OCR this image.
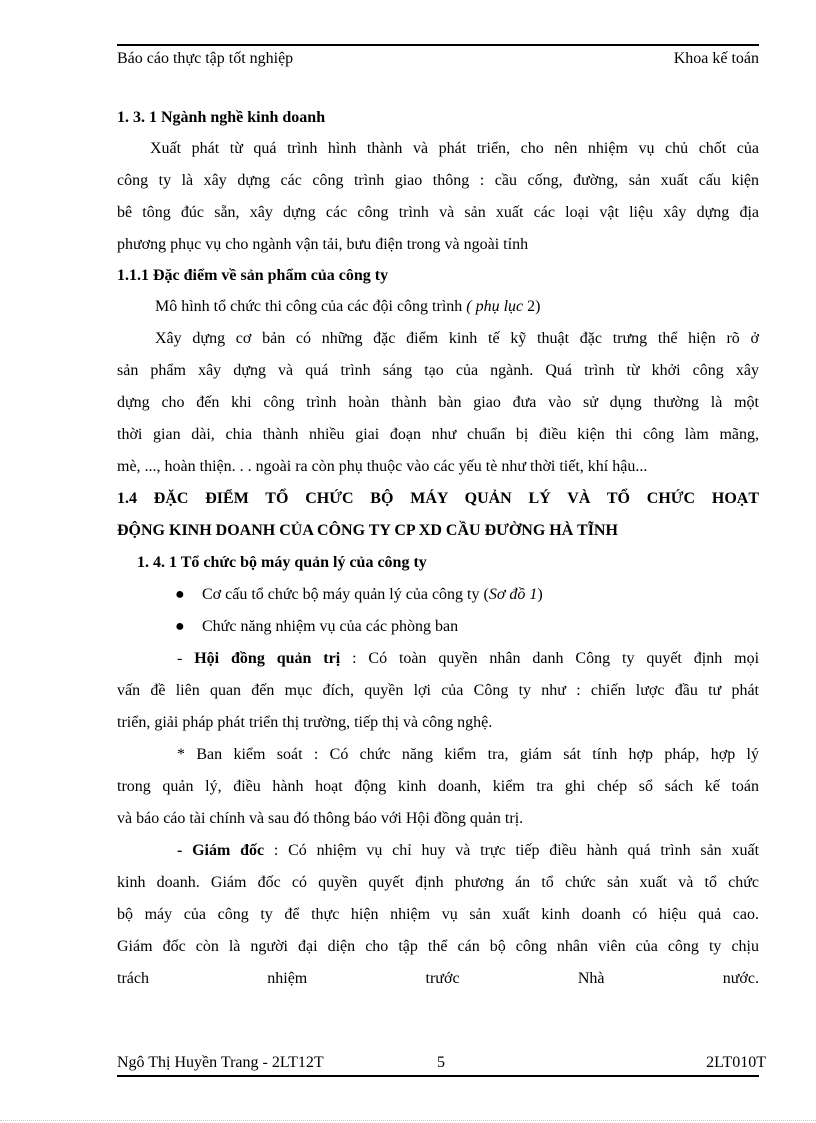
Báo cáo thực tập tốt nghiệp	Khoa kế toán
1. 3. 1 Ngành nghề kinh doanh
Xuất phát từ quá trình hình thành và phát triển, cho nên nhiệm vụ chủ chốt của
công ty là xây dựng các công trình giao thông : cầu cống, đường, sản xuất cấu kiện
bê tông đúc sẵn, xây dựng các công trình và sản xuất các loại vật liệu xây dựng địa
phương phục vụ cho ngành vận tải, bưu điện trong và ngoài tỉnh
1.1.1 Đặc điểm về sản phẩm của công ty
Mô hình tổ chức thi công của các đội công trình ( phụ lục 2)
Xây dựng cơ bản có những đặc điểm kinh tế kỹ thuật đặc trưng thể hiện rõ ở
sản phẩm xây dựng và quá trình sáng tạo của ngành. Quá trình từ khởi công xây
dựng cho đến khi công trình hoàn thành bàn giao đưa vào sử dụng thường là một
thời gian dài, chia thành nhiều giai đoạn như chuẩn bị điều kiện thi công làm mãng,
mè, ..., hoàn thiện. . . ngoài ra còn phụ thuộc vào các yếu tè như thời tiết, khí hậu...
1.4 ĐẶC ĐIỂM TỔ CHỨC BỘ MÁY QUẢN LÝ VÀ TỔ CHỨC HOẠT
ĐỘNG KINH DOANH CỦA CÔNG TY CP XD CẦU ĐƯỜNG HÀ TĨNH
1. 4. 1 Tổ chức bộ máy quản lý của công ty
● Cơ cấu tổ chức bộ máy quản lý của công ty (Sơ đồ 1)
● Chức năng nhiệm vụ của các phòng ban
- Hội đồng quản trị : Có toàn quyền nhân danh Công ty quyết định mọi
vấn đề liên quan đến mục đích, quyền lợi của Công ty như : chiến lược đầu tư phát
triển, giải pháp phát triển thị trường, tiếp thị và công nghệ.
* Ban kiểm soát : Có chức năng kiểm tra, giám sát tính hợp pháp, hợp lý
trong quản lý, điều hành hoạt động kinh doanh, kiểm tra ghi chép sổ sách kế toán
và báo cáo tài chính và sau đó thông báo với Hội đồng quản trị.
- Giám đốc : Có nhiệm vụ chỉ huy và trực tiếp điều hành quá trình sản xuất
kinh doanh. Giám đốc có quyền quyết định phương án tổ chức sản xuất và tổ chức
bộ máy của công ty để thực hiện nhiệm vụ sản xuất kinh doanh có hiệu quả cao.
Giám đốc còn là người đại diện cho tập thể cán bộ công nhân viên của công ty chịu
trách nhiệm trước Nhà nước.
Ngô Thị Huyền Trang - 2LT12T	5	2LT010T
